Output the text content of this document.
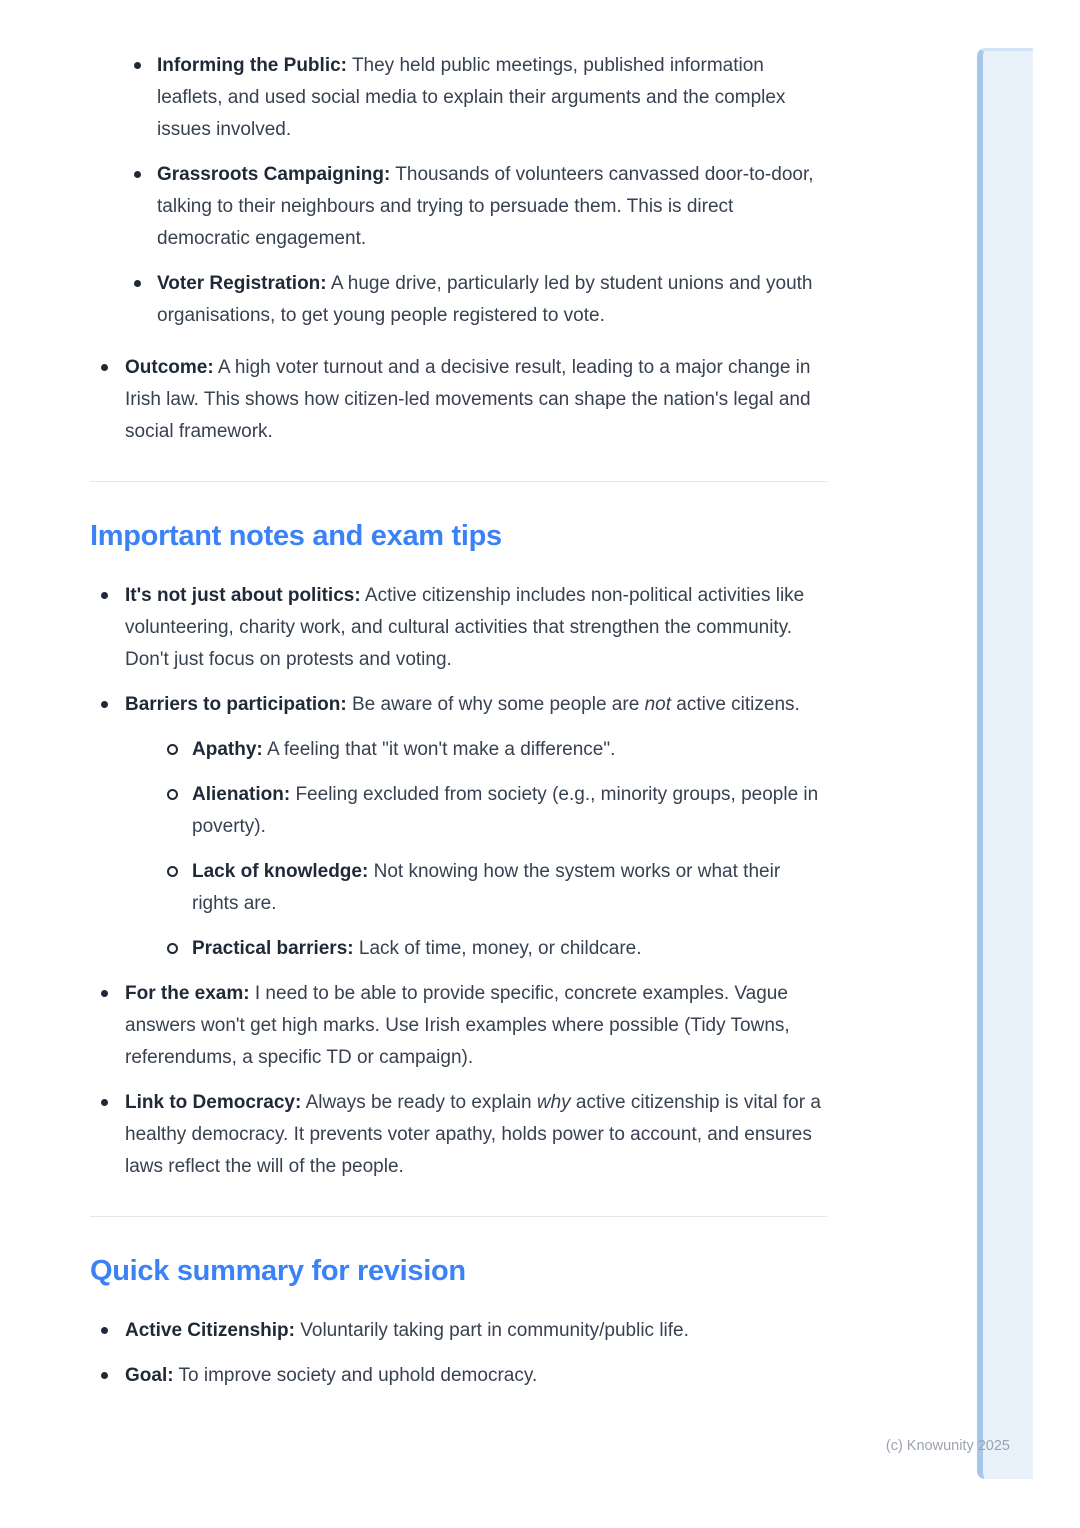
Informing the Public: They held public meetings, published information leaflets, and used social media to explain their arguments and the complex issues involved.
Grassroots Campaigning: Thousands of volunteers canvassed door-to-door, talking to their neighbours and trying to persuade them. This is direct democratic engagement.
Voter Registration: A huge drive, particularly led by student unions and youth organisations, to get young people registered to vote.
Outcome: A high voter turnout and a decisive result, leading to a major change in Irish law. This shows how citizen-led movements can shape the nation's legal and social framework.
Important notes and exam tips
It's not just about politics: Active citizenship includes non-political activities like volunteering, charity work, and cultural activities that strengthen the community. Don't just focus on protests and voting.
Barriers to participation: Be aware of why some people are not active citizens.
Apathy: A feeling that "it won't make a difference".
Alienation: Feeling excluded from society (e.g., minority groups, people in poverty).
Lack of knowledge: Not knowing how the system works or what their rights are.
Practical barriers: Lack of time, money, or childcare.
For the exam: I need to be able to provide specific, concrete examples. Vague answers won't get high marks. Use Irish examples where possible (Tidy Towns, referendums, a specific TD or campaign).
Link to Democracy: Always be ready to explain why active citizenship is vital for a healthy democracy. It prevents voter apathy, holds power to account, and ensures laws reflect the will of the people.
Quick summary for revision
Active Citizenship: Voluntarily taking part in community/public life.
Goal: To improve society and uphold democracy.
(c) Knowunity 2025
